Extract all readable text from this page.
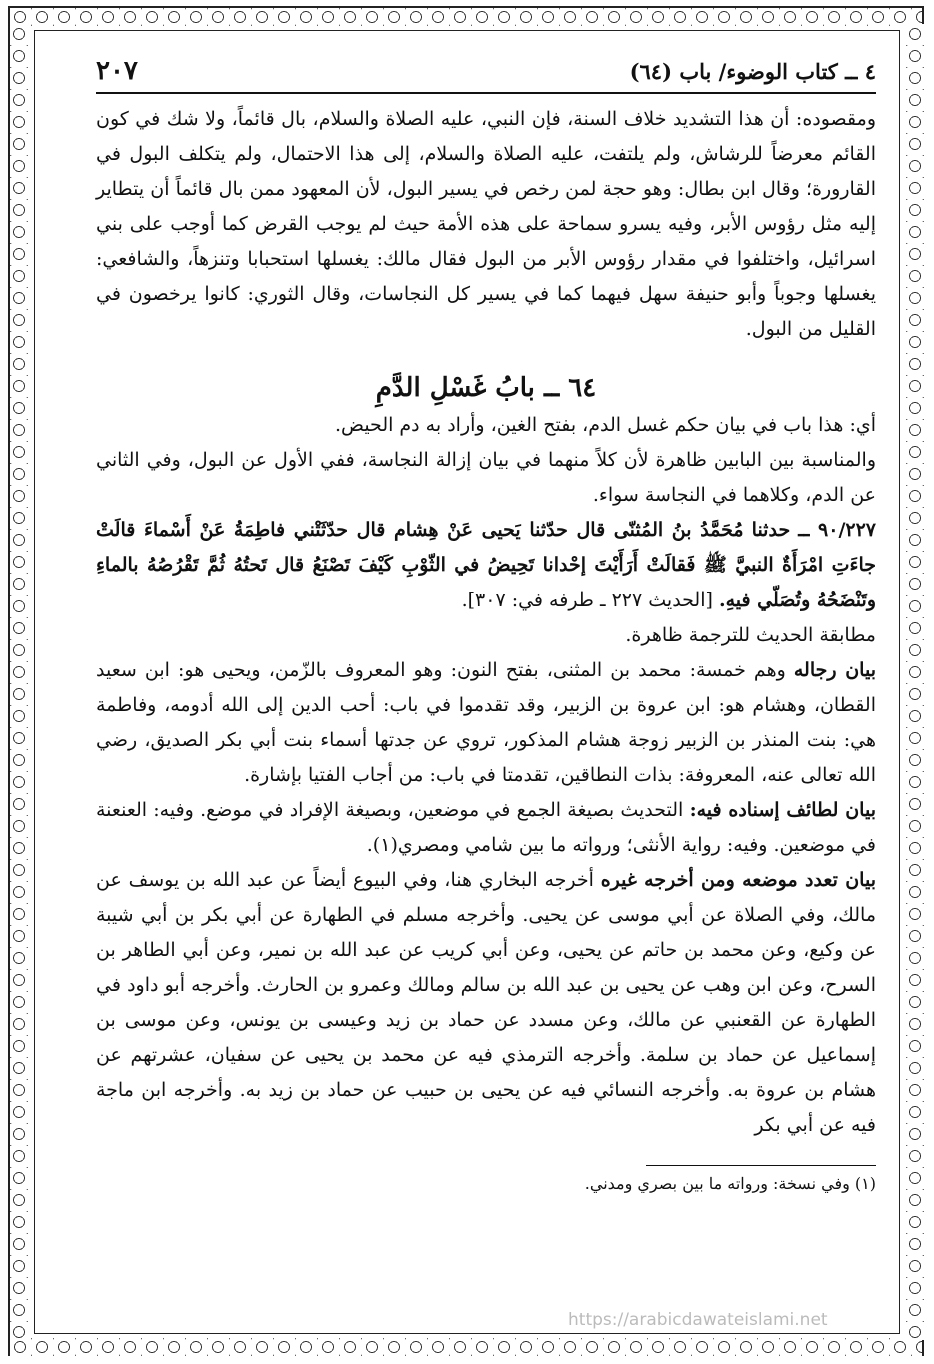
٤ ــ كتاب الوضوء/ باب (٦٤)
٢٠٧

ومقصوده: أن هذا التشديد خلاف السنة، فإن النبي، عليه الصلاة والسلام، بال قائماً، ولا شك في كون القائم معرضاً للرشاش، ولم يلتفت، عليه الصلاة والسلام، إلى هذا الاحتمال، ولم يتكلف البول في القارورة؛ وقال ابن بطال: وهو حجة لمن رخص في يسير البول، لأن المعهود ممن بال قائماً أن يتطاير إليه مثل رؤوس الأبر، وفيه يسرو سماحة على هذه الأمة حيث لم يوجب القرض كما أوجب على بني اسرائيل، واختلفوا في مقدار رؤوس الأبر من البول فقال مالك: يغسلها استحبابا وتنزهاً، والشافعي: يغسلها وجوباً وأبو حنيفة سهل فيهما كما في يسير كل النجاسات، وقال الثوري: كانوا يرخصون في القليل من البول.

٦٤ ــ بابُ غَسْلِ الدَّمِ

أي: هذا باب في بيان حكم غسل الدم، بفتح الغين، وأراد به دم الحيض.

والمناسبة بين البابين ظاهرة لأن كلاً منهما في بيان إزالة النجاسة، ففي الأول عن البول، وفي الثاني عن الدم، وكلاهما في النجاسة سواء.

٩٠/٢٢٧ ــ حدثنا مُحَمَّدُ بنُ المُثنّى قال حدّثنا يَحيى عَنْ هِشام قال حدّثَتْني فاطِمَةُ عَنْ أَسْماءَ قالَتْ جاءَتِ امْرَأَةٌ النبيَّ ﷺ فَقالَتْ أَرَأَيْتَ إحْدانا تَحِيضُ في الثّوْبِ كَيْفَ تَصْنَعُ قال تَحتُهُ ثُمَّ تَقْرُصُهُ بالماءِ وتَنْضَحُهُ وتُصَلّي فيهِ. [الحديث ٢٢٧ ـ طرفه في: ٣٠٧].

مطابقة الحديث للترجمة ظاهرة.

بيان رجاله وهم خمسة: محمد بن المثنى، بفتح النون: وهو المعروف بالزّمن، ويحيى هو: ابن سعيد القطان، وهشام هو: ابن عروة بن الزبير، وقد تقدموا في باب: أحب الدين إلى الله أدومه، وفاطمة هي: بنت المنذر بن الزبير زوجة هشام المذكور، تروي عن جدتها أسماء بنت أبي بكر الصديق، رضي الله تعالى عنه، المعروفة: بذات النطاقين، تقدمتا في باب: من أجاب الفتيا بإشارة.

بيان لطائف إسناده فيه: التحديث بصيغة الجمع في موضعين، وبصيغة الإفراد في موضع. وفيه: العنعنة في موضعين. وفيه: رواية الأنثى؛ ورواته ما بين شامي ومصري(١).

بيان تعدد موضعه ومن أخرجه غيره أخرجه البخاري هنا، وفي البيوع أيضاً عن عبد الله بن يوسف عن مالك، وفي الصلاة عن أبي موسى عن يحيى. وأخرجه مسلم في الطهارة عن أبي بكر بن أبي شيبة عن وكيع، وعن محمد بن حاتم عن يحيى، وعن أبي كريب عن عبد الله بن نمير، وعن أبي الطاهر بن السرح، وعن ابن وهب عن يحيى بن عبد الله بن سالم ومالك وعمرو بن الحارث. وأخرجه أبو داود في الطهارة عن القعنبي عن مالك، وعن مسدد عن حماد بن زيد وعيسى بن يونس، وعن موسى بن إسماعيل عن حماد بن سلمة. وأخرجه الترمذي فيه عن محمد بن يحيى عن سفيان، عشرتهم عن هشام بن عروة به. وأخرجه النسائي فيه عن يحيى بن حبيب عن حماد بن زيد به. وأخرجه ابن ماجة فيه عن أبي بكر

(١) وفي نسخة: ورواته ما بين بصري ومدني.

https://arabicdawateislami.net
